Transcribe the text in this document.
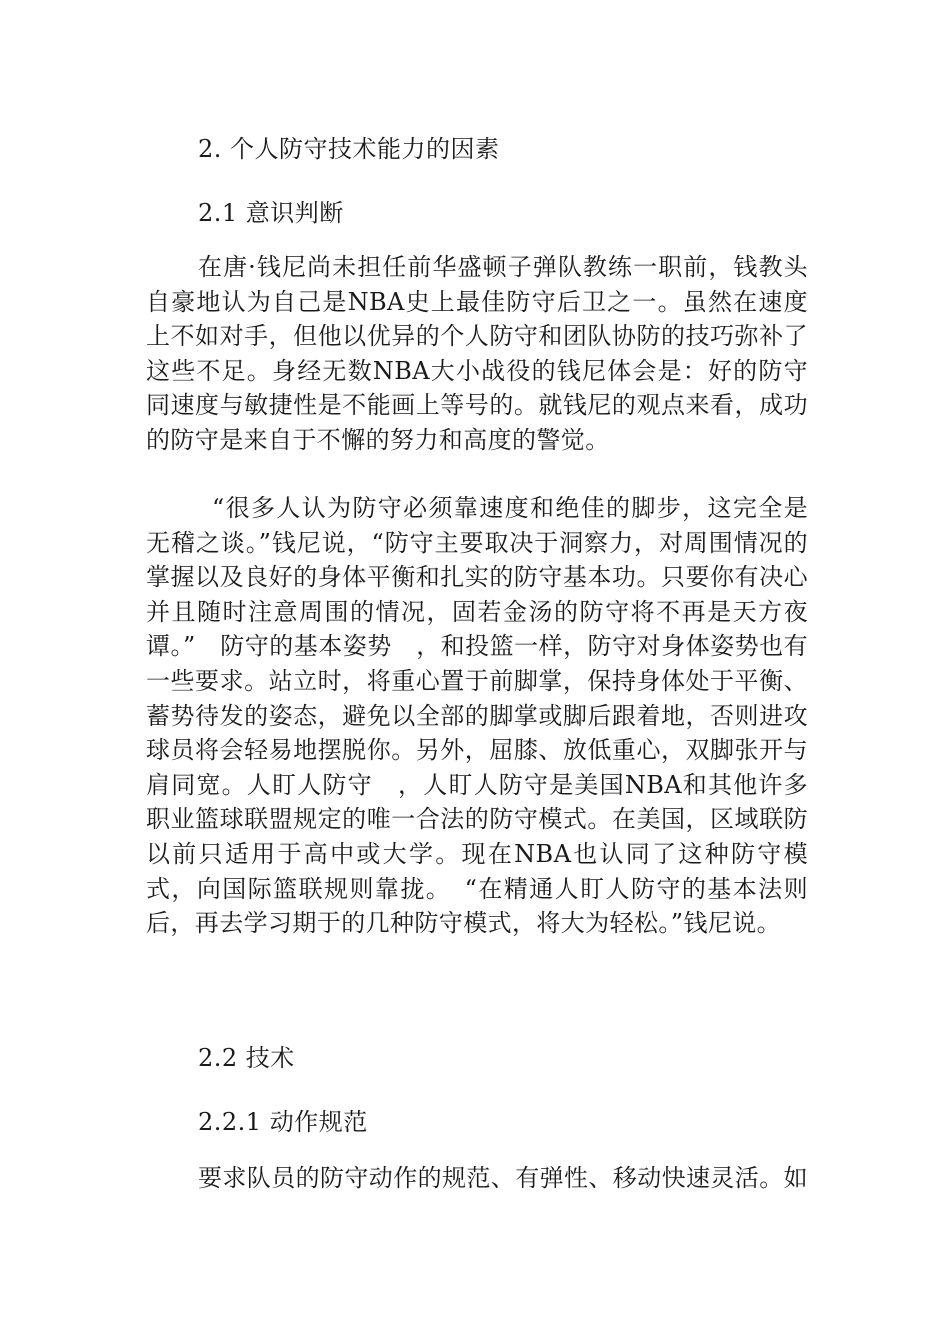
2. 个人防守技术能力的因素
2.1 意识判断

在唐·钱尼尚未担任前华盛顿子弹队教练一职前，钱教头自豪地认为自己是NBA史上最佳防守后卫之一。虽然在速度上不如对手，但他以优异的个人防守和团队协防的技巧弥补了这些不足。身经无数NBA大小战役的钱尼体会是：好的防守同速度与敏捷性是不能画上等号的。就钱尼的观点来看，成功的防守是来自于不懈的努力和高度的警觉。

“很多人认为防守必须靠速度和绝佳的脚步，这完全是无稽之谈。”钱尼说，“防守主要取决于洞察力，对周围情况的掌握以及良好的身体平衡和扎实的防守基本功。只要你有决心并且随时注意周围的情况，固若金汤的防守将不再是天方夜谭。”　防守的基本姿势　，和投篮一样，防守对身体姿势也有一些要求。站立时，将重心置于前脚掌，保持身体处于平衡、蓄势待发的姿态，避免以全部的脚掌或脚后跟着地，否则进攻球员将会轻易地摆脱你。另外，屈膝、放低重心，双脚张开与肩同宽。人盯人防守　，人盯人防守是美国NBA和其他许多职业篮球联盟规定的唯一合法的防守模式。在美国，区域联防以前只适用于高中或大学。现在NBA也认同了这种防守模式，向国际篮联规则靠拢。　“在精通人盯人防守的基本法则后，再去学习期于的几种防守模式，将大为轻松。”钱尼说。

2.2 技术
2.2.1 动作规范

要求队员的防守动作的规范、有弹性、移动快速灵活。如
